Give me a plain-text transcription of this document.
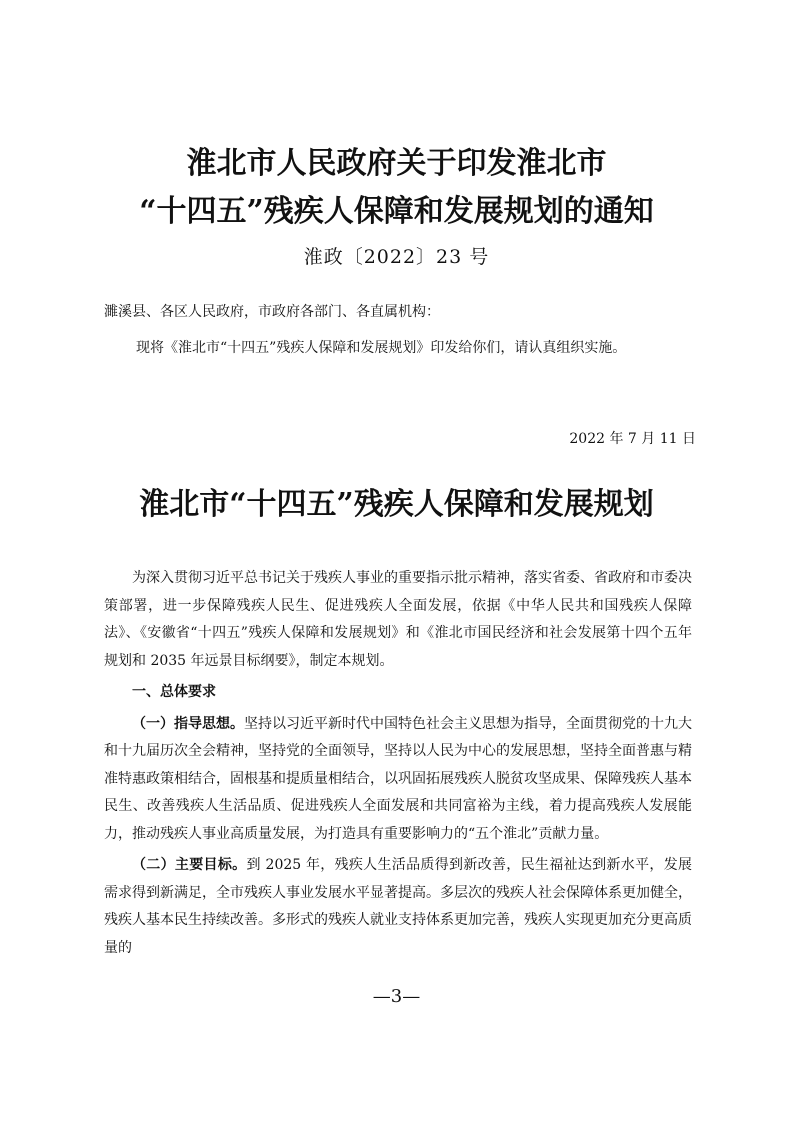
淮北市人民政府关于印发淮北市
“十四五”残疾人保障和发展规划的通知
淮政〔2022〕23 号
濉溪县、各区人民政府，市政府各部门、各直属机构：
现将《淮北市“十四五”残疾人保障和发展规划》印发给你们，请认真组织实施。
2022 年 7 月 11 日
淮北市“十四五”残疾人保障和发展规划

为深入贯彻习近平总书记关于残疾人事业的重要指示批示精神，落实省委、省政府和市委决策部署，进一步保障残疾人民生、促进残疾人全面发展，依据《中华人民共和国残疾人保障法》、《安徽省“十四五”残疾人保障和发展规划》和《淮北市国民经济和社会发展第十四个五年规划和 2035 年远景目标纲要》，制定本规划。

一、总体要求

（一）指导思想。坚持以习近平新时代中国特色社会主义思想为指导，全面贯彻党的十九大和十九届历次全会精神，坚持党的全面领导，坚持以人民为中心的发展思想，坚持全面普惠与精准特惠政策相结合，固根基和提质量相结合，以巩固拓展残疾人脱贫攻坚成果、保障残疾人基本民生、改善残疾人生活品质、促进残疾人全面发展和共同富裕为主线，着力提高残疾人发展能力，推动残疾人事业高质量发展，为打造具有重要影响力的“五个淮北”贡献力量。

（二）主要目标。到 2025 年，残疾人生活品质得到新改善，民生福祉达到新水平，发展需求得到新满足，全市残疾人事业发展水平显著提高。多层次的残疾人社会保障体系更加健全，残疾人基本民生持续改善。多形式的残疾人就业支持体系更加完善，残疾人实现更加充分更高质量的

—3—
